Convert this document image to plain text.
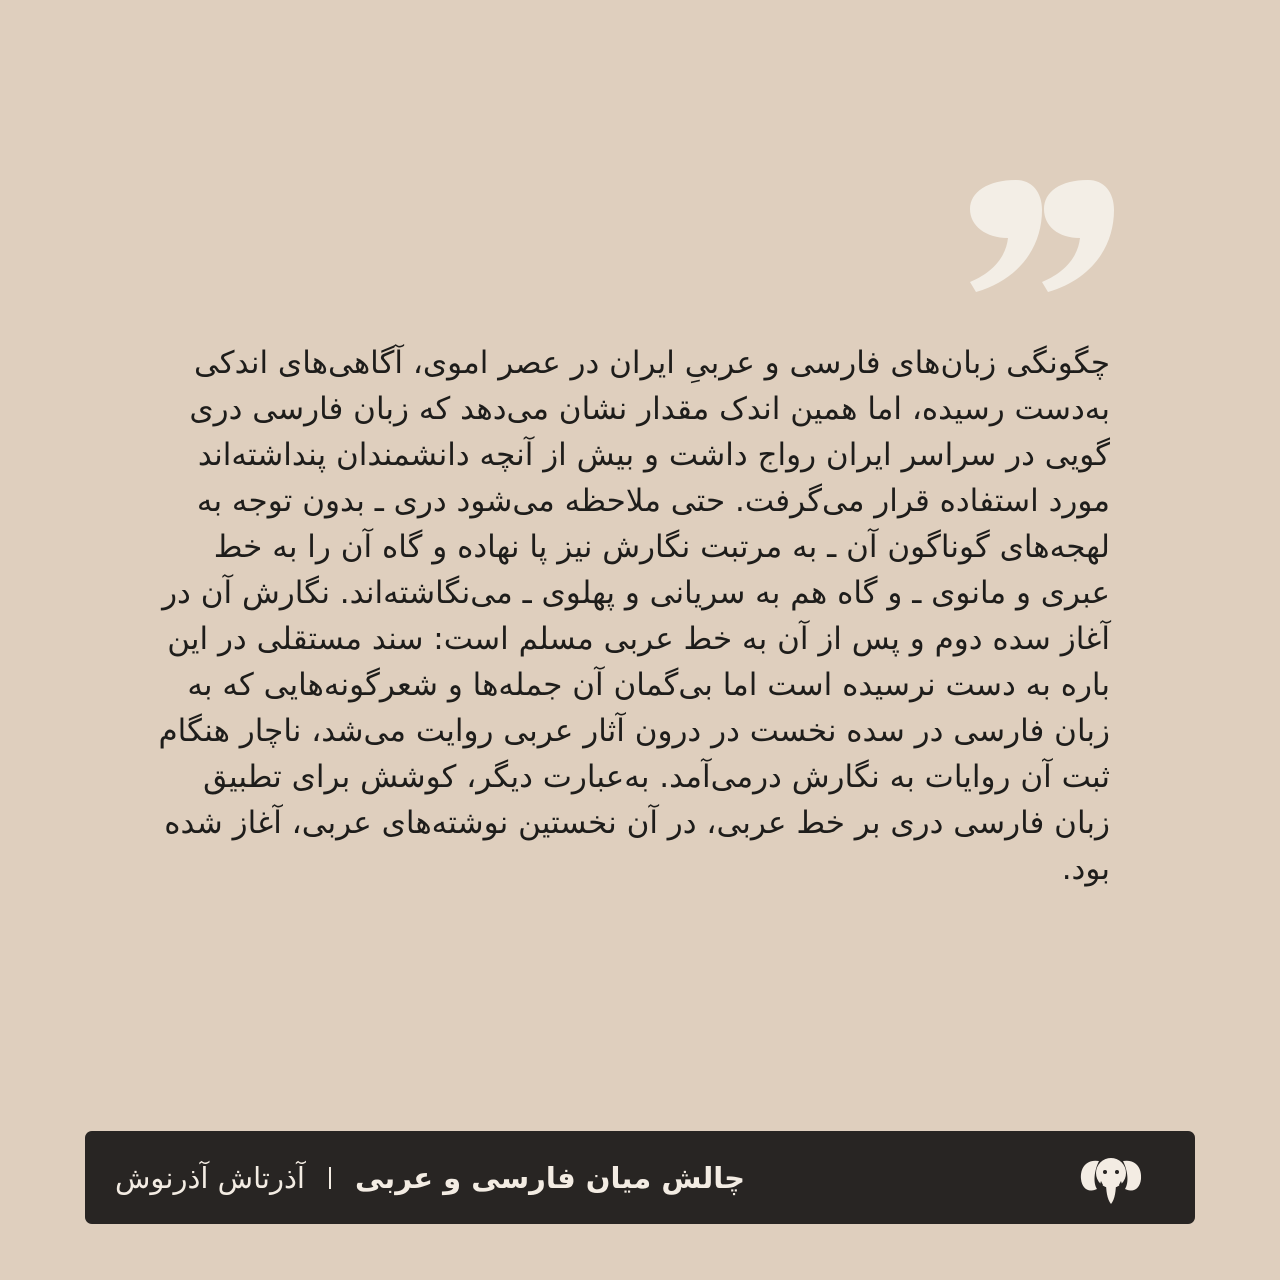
چگونگی زبان‌های فارسی و عربیِ ایران در عصر اموی، آگاهی‌های اندکی به‌دست رسیده، اما همین اندک مقدار نشان می‌دهد که زبان فارسی دری گویی در سراسر ایران رواج داشت و بیش از آنچه دانشمندان پنداشته‌اند مورد استفاده قرار می‌گرفت. حتی ملاحظه می‌شود دری ـ بدون توجه به لهجه‌های گوناگون آن ـ به مرتبت نگارش نیز پا نهاده و گاه آن را به خط عبری و مانوی ـ و گاه هم به سریانی و پهلوی ـ می‌نگاشته‌اند. نگارش آن در آغاز سده دوم و پس از آن به خط عربی مسلم است: سند مستقلی در این باره به دست نرسیده است اما بی‌گمان آن جمله‌ها و شعرگونه‌هایی که به زبان فارسی در سده نخست در درون آثار عربی روایت می‌شد، ناچار هنگام ثبت آن روایات به نگارش درمی‌آمد. به‌عبارت دیگر، کوشش برای تطبیق زبان فارسی دری بر خط عربی، در آن نخستین نوشته‌های عربی، آغاز شده بود.

چالش میان فارسی و عربی
آذرتاش آذرنوش
